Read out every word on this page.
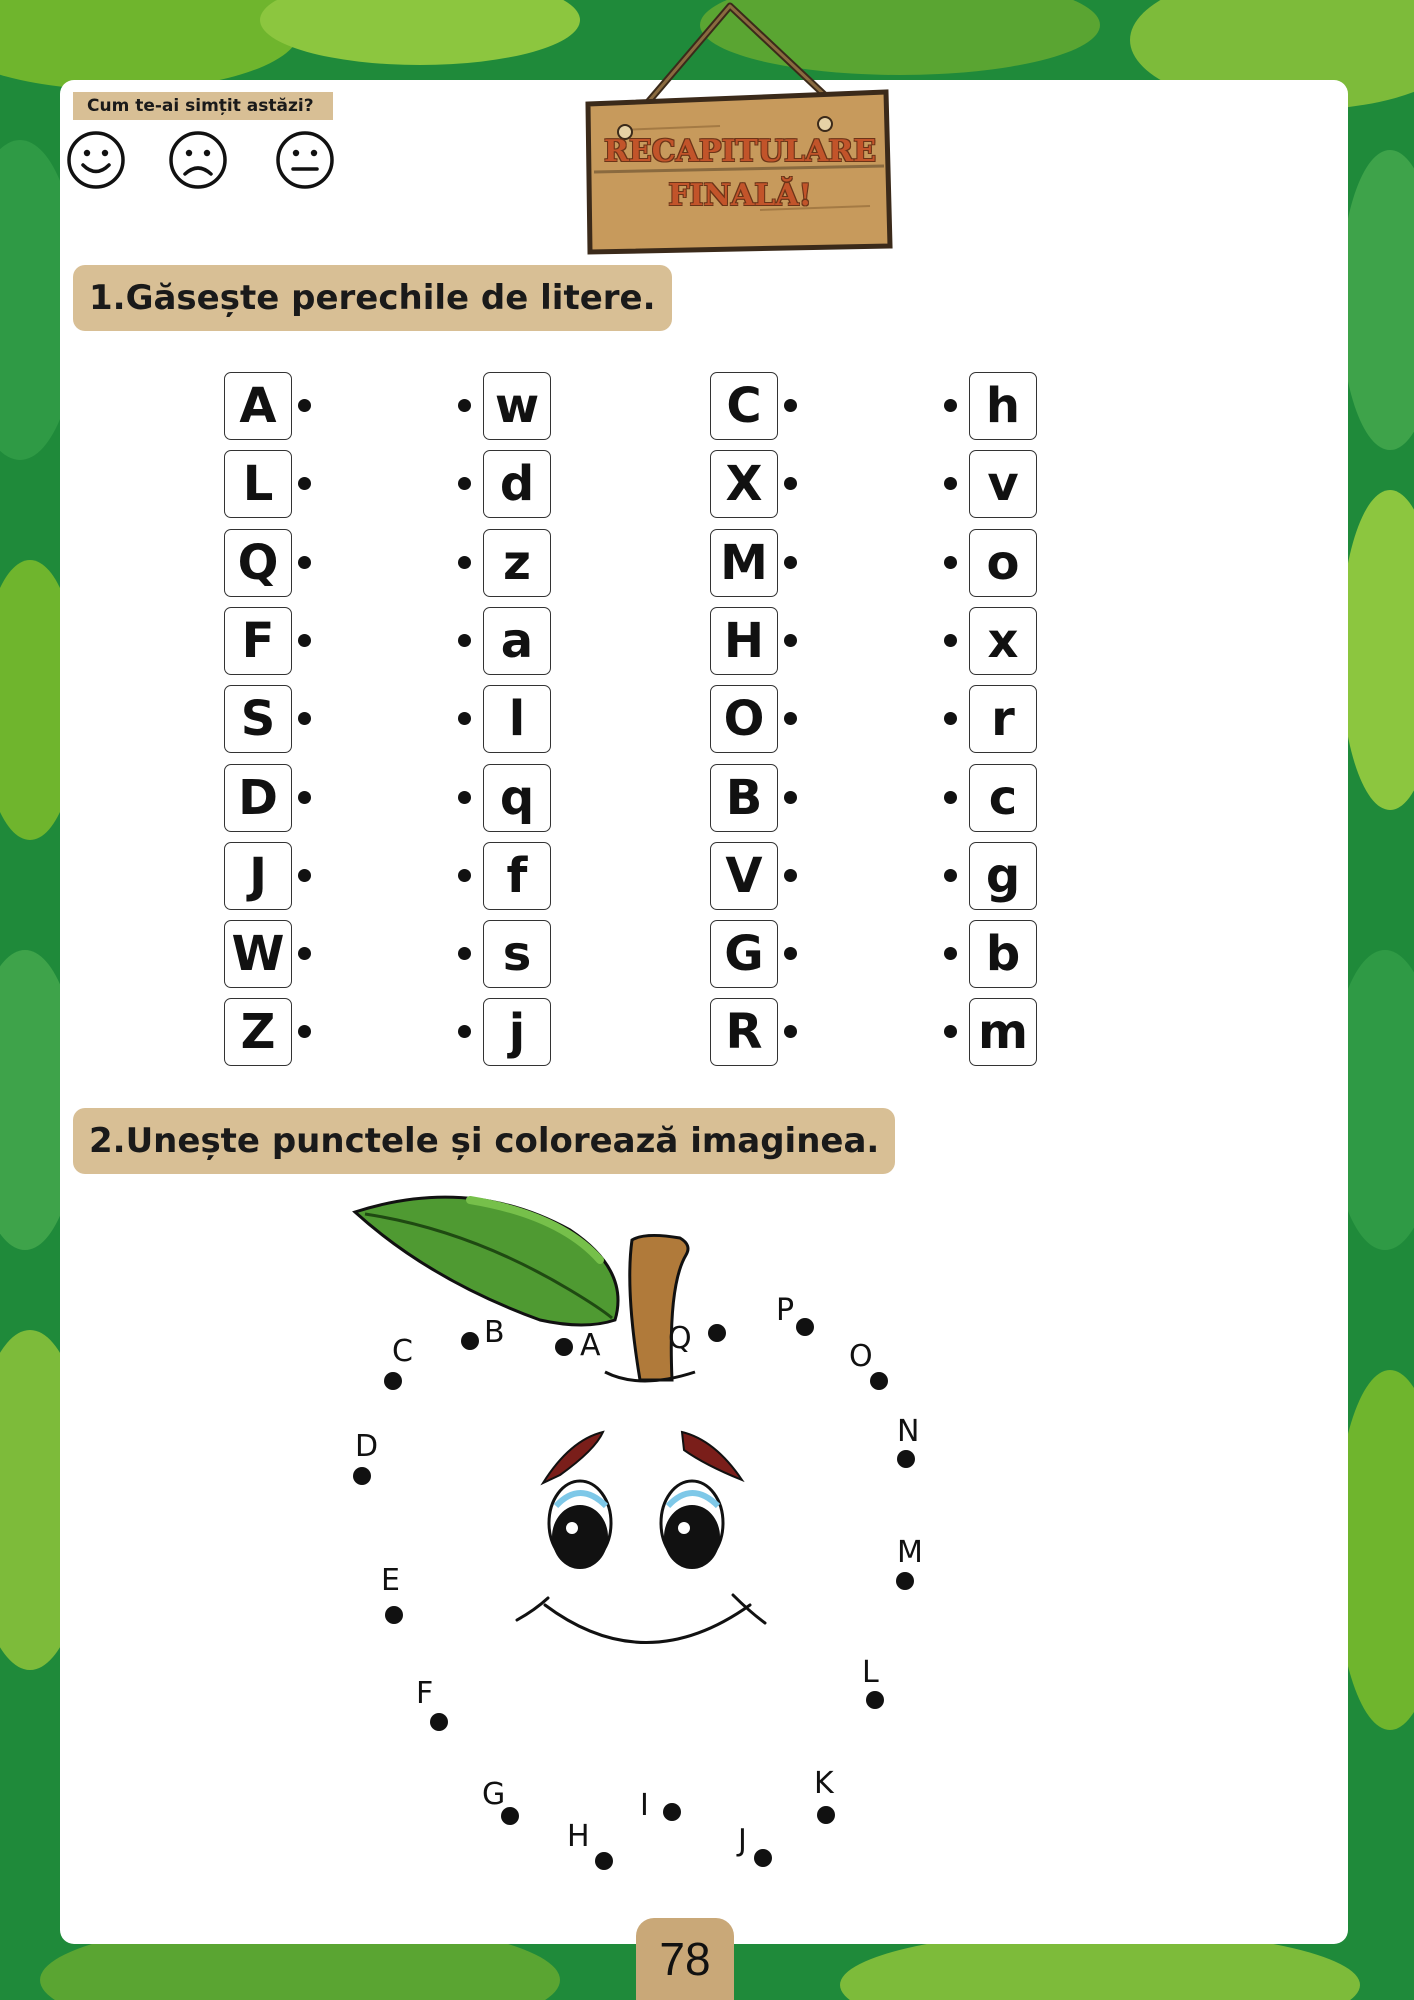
Cum te-ai simțit astăzi?
RECAPITULARE
FINALĂ!
1.Găsește perechile de litere.
A
L
Q
F
S
D
J
W
Z
w
d
z
a
l
q
f
s
j
C
X
M
H
O
B
V
G
R
h
v
o
x
r
c
g
b
m
2.Unește punctele și colorează imaginea.
A
B
C
D
E
F
G
H
I
J
K
L
M
N
O
P
Q
78
